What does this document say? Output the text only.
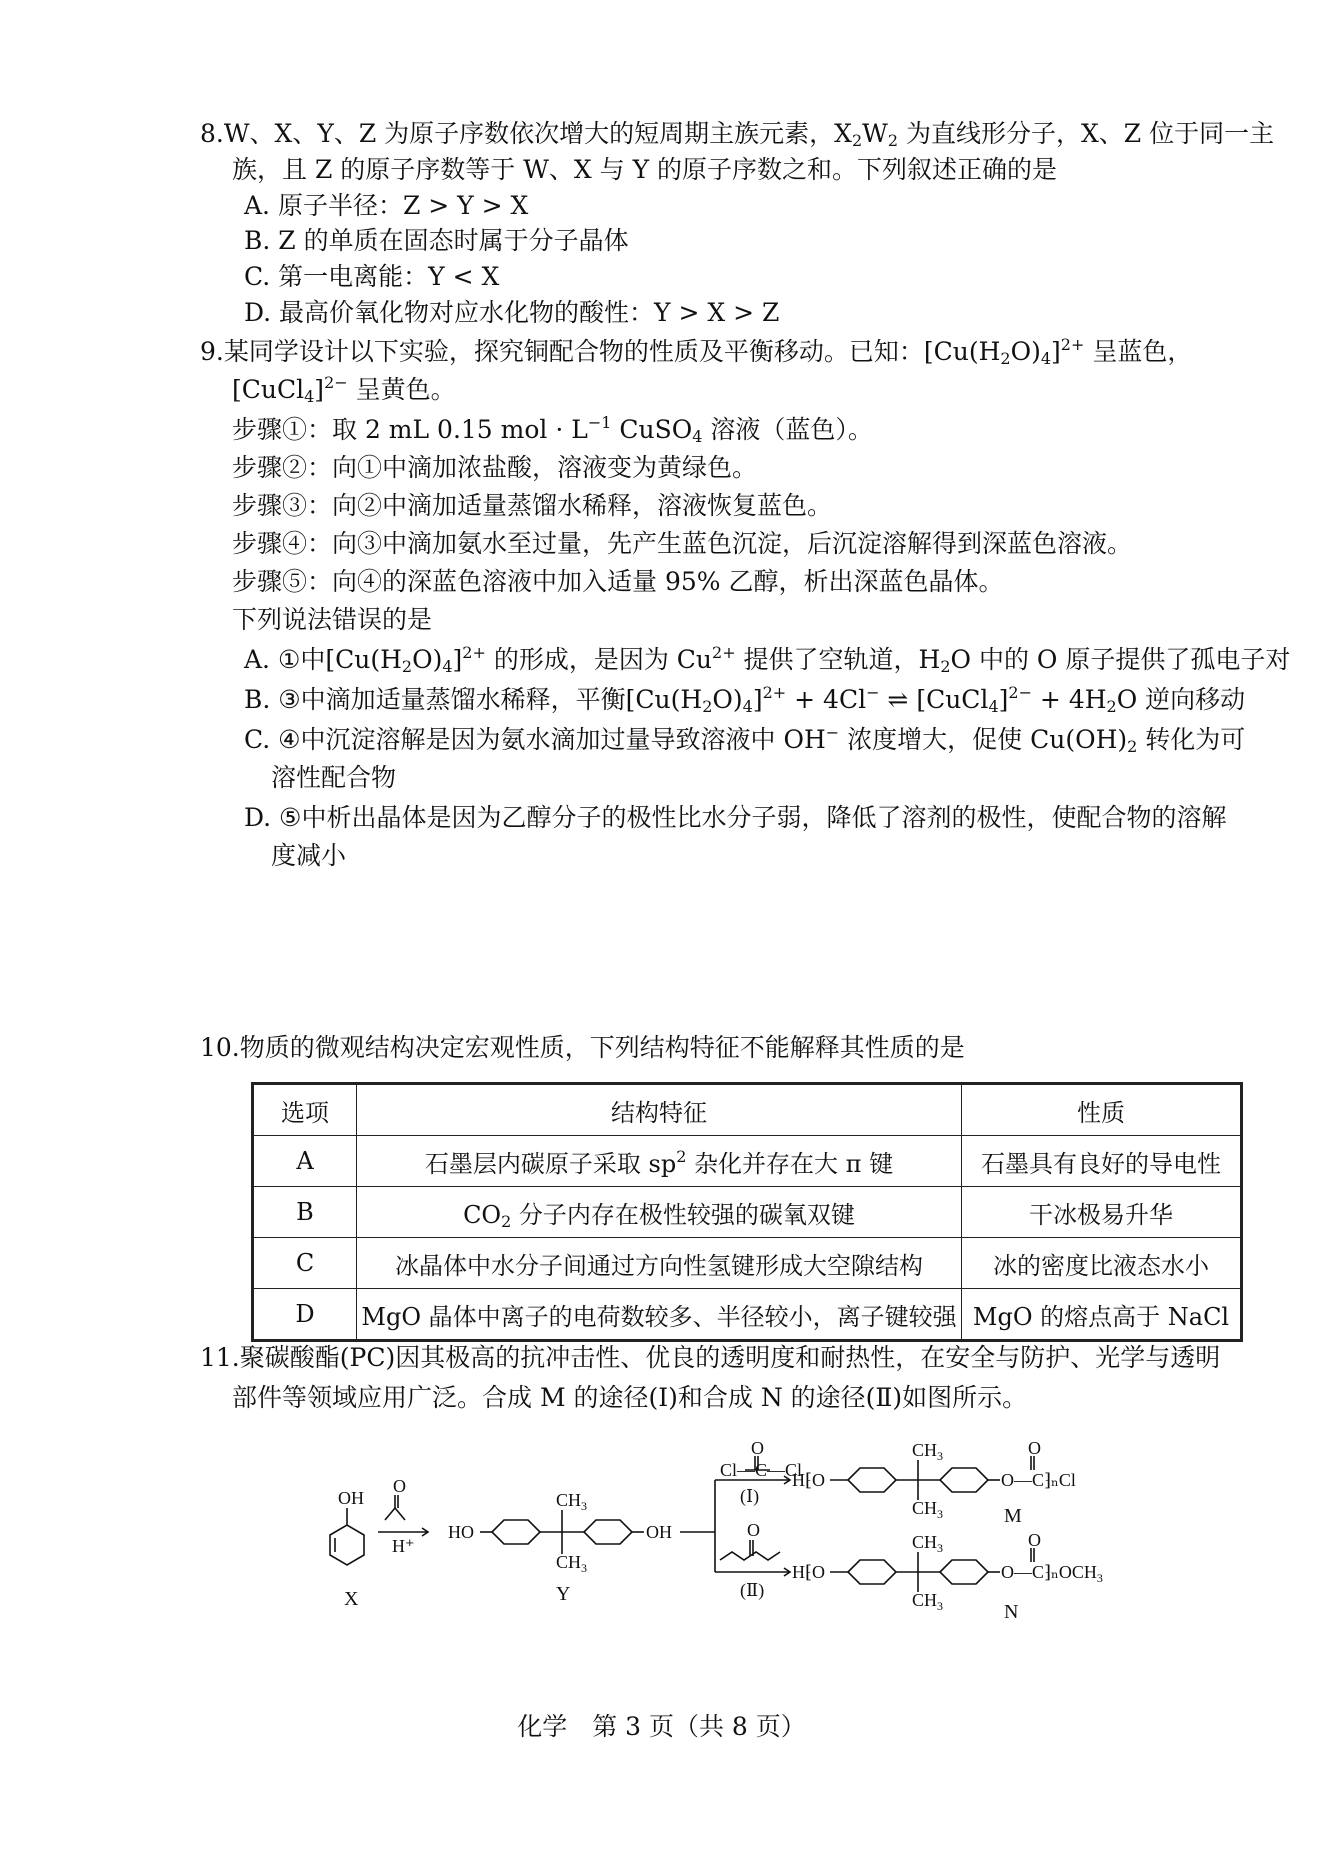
8.W、X、Y、Z 为原子序数依次增大的短周期主族元素，$X_2W_2$ 为直线形分子，X、Z 位于同一主
族，且 Z 的原子序数等于 W、X 与 Y 的原子序数之和。下列叙述正确的是
A. 原子半径：Z > Y > X
B. Z 的单质在固态时属于分子晶体
C. 第一电离能：Y < X
D. 最高价氧化物对应水化物的酸性：Y > X > Z
9.某同学设计以下实验，探究铜配合物的性质及平衡移动。已知：$[Cu(H_2O)_4]^{2+}$ 呈蓝色，
[CuCl$_4$]$^{2-}$ 呈黄色。
步骤①：取 2 mL 0.15 mol · $L^{-1}$ CuSO$_4$ 溶液（蓝色）。
步骤②：向①中滴加浓盐酸，溶液变为黄绿色。
步骤③：向②中滴加适量蒸馏水稀释，溶液恢复蓝色。
步骤④：向③中滴加氨水至过量，先产生蓝色沉淀，后沉淀溶解得到深蓝色溶液。
步骤⑤：向④的深蓝色溶液中加入适量 95% 乙醇，析出深蓝色晶体。
下列说法错误的是
A. ①中$[Cu(H_2O)_4]^{2+}$ 的形成，是因为 $Cu^{2+}$ 提供了空轨道，$H_2O$ 中的 O 原子提供了孤电子对
B. ③中滴加适量蒸馏水稀释，平衡$[Cu(H_2O)_4]^{2+} + 4Cl^-$ ⇌ [CuCl$_4$]$^{2-}$ + $4H_2O$ 逆向移动
C. ④中沉淀溶解是因为氨水滴加过量导致溶液中 OH− 浓度增大，促使 $Cu(OH)_2$ 转化为可
溶性配合物
D. ⑤中析出晶体是因为乙醇分子的极性比水分子弱，降低了溶剂的极性，使配合物的溶解
度减小
10.物质的微观结构决定宏观性质，下列结构特征不能解释其性质的是
选项	结构特征	性质
A	石墨层内碳原子采取 $sp^2$ 杂化并存在大 π 键	石墨具有良好的导电性
B	$CO_2$ 分子内存在极性较强的碳氧双键	干冰极易升华
C	冰晶体中水分子间通过方向性氢键形成大空隙结构	冰的密度比液态水小
D	MgO 晶体中离子的电荷数较多、半径较小，离子键较强	MgO 的熔点高于 NaCl
11.聚碳酸酯(PC)因其极高的抗冲击性、优良的透明度和耐热性，在安全与防护、光学与透明
部件等领域应用广泛。合成 M 的途径(Ⅰ)和合成 N 的途径(Ⅱ)如图所示。
OH
O
H⁺
X
HO
$CH_3$
$CH_3$
OH
Y
Cl—C—Cl
O
(Ⅰ)
O
(Ⅱ)
H⁅O
$CH_3$
$CH_3$
O—C⁆ₙCl
O
M
H⁅O
$CH_3$
$CH_3$
O—C⁆ₙOCH$_3$
O
N
化学　第 3 页（共 8 页）
